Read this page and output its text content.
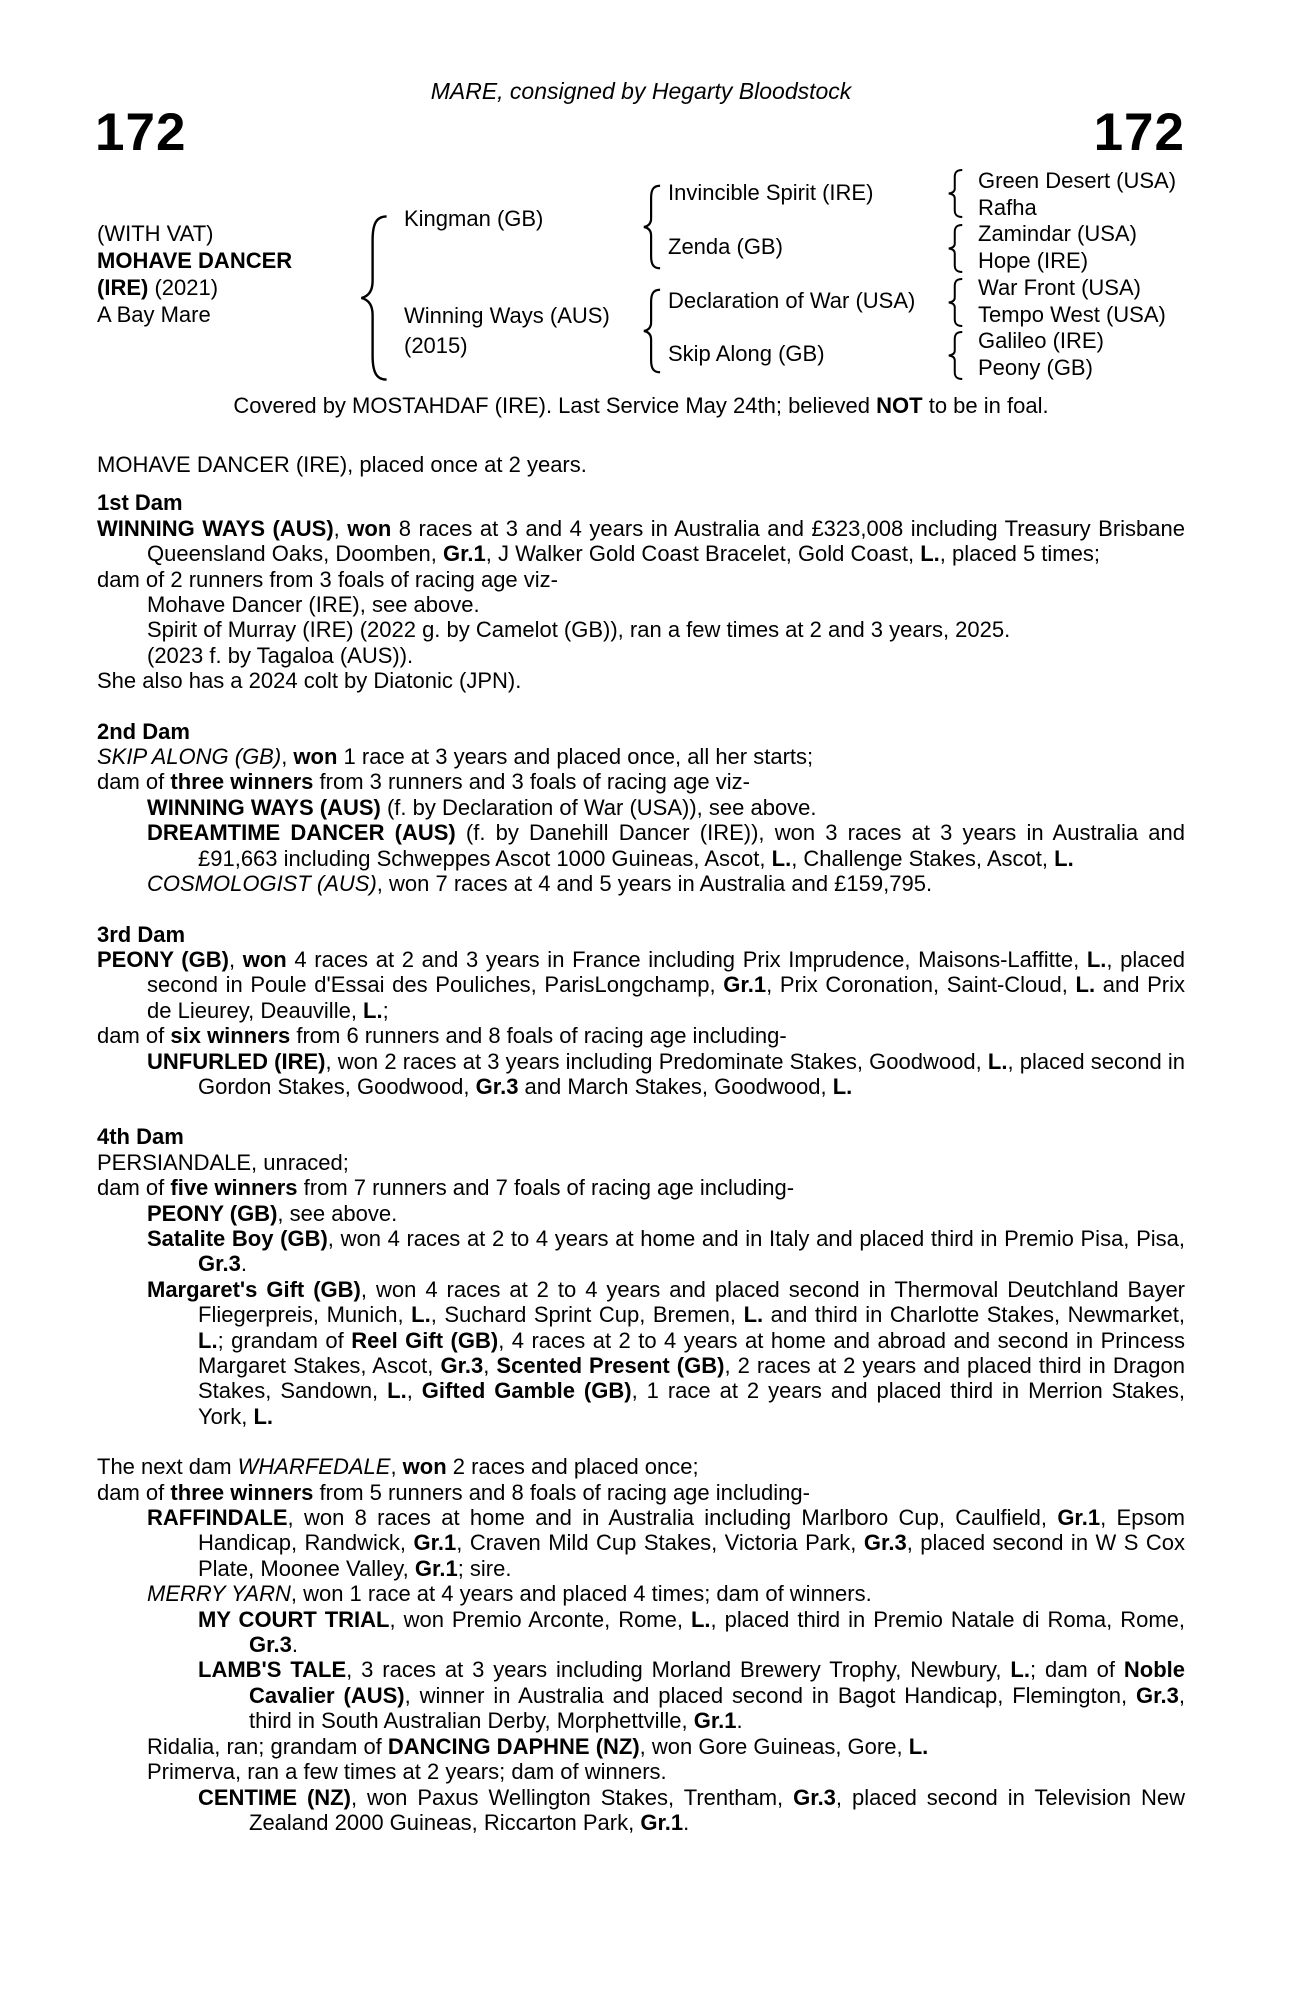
MARE, consigned by Hegarty Bloodstock
172	172
(WITH VAT)
MOHAVE DANCER
(IRE) (2021)
A Bay Mare
Kingman (GB)
Winning Ways (AUS)
(2015)
Invincible Spirit (IRE)
Zenda (GB)
Declaration of War (USA)
Skip Along (GB)
Green Desert (USA)
Rafha
Zamindar (USA)
Hope (IRE)
War Front (USA)
Tempo West (USA)
Galileo (IRE)
Peony (GB)
Covered by MOSTAHDAF (IRE). Last Service May 24th; believed NOT to be in foal.

MOHAVE DANCER (IRE), placed once at 2 years.

1st Dam

WINNING WAYS (AUS), won 8 races at 3 and 4 years in Australia and £323,008 including Treasury Brisbane Queensland Oaks, Doomben, Gr.1, J Walker Gold Coast Bracelet, Gold Coast, L., placed 5 times;

dam of 2 runners from 3 foals of racing age viz-

Mohave Dancer (IRE), see above.

Spirit of Murray (IRE) (2022 g. by Camelot (GB)), ran a few times at 2 and 3 years, 2025.

(2023 f. by Tagaloa (AUS)).

She also has a 2024 colt by Diatonic (JPN).

2nd Dam

SKIP ALONG (GB), won 1 race at 3 years and placed once, all her starts;

dam of three winners from 3 runners and 3 foals of racing age viz-

WINNING WAYS (AUS) (f. by Declaration of War (USA)), see above.

DREAMTIME DANCER (AUS) (f. by Danehill Dancer (IRE)), won 3 races at 3 years in Australia and £91,663 including Schweppes Ascot 1000 Guineas, Ascot, L., Challenge Stakes, Ascot, L.

COSMOLOGIST (AUS), won 7 races at 4 and 5 years in Australia and £159,795.

3rd Dam

PEONY (GB), won 4 races at 2 and 3 years in France including Prix Imprudence, Maisons-Laffitte, L., placed second in Poule d'Essai des Pouliches, ParisLongchamp, Gr.1, Prix Coronation, Saint-Cloud, L. and Prix de Lieurey, Deauville, L.;

dam of six winners from 6 runners and 8 foals of racing age including-

UNFURLED (IRE), won 2 races at 3 years including Predominate Stakes, Goodwood, L., placed second in Gordon Stakes, Goodwood, Gr.3 and March Stakes, Goodwood, L.

4th Dam

PERSIANDALE, unraced;

dam of five winners from 7 runners and 7 foals of racing age including-

PEONY (GB), see above.

Satalite Boy (GB), won 4 races at 2 to 4 years at home and in Italy and placed third in Premio Pisa, Pisa, Gr.3.

Margaret's Gift (GB), won 4 races at 2 to 4 years and placed second in Thermoval Deutchland Bayer Fliegerpreis, Munich, L., Suchard Sprint Cup, Bremen, L. and third in Charlotte Stakes, Newmarket, L.; grandam of Reel Gift (GB), 4 races at 2 to 4 years at home and abroad and second in Princess Margaret Stakes, Ascot, Gr.3, Scented Present (GB), 2 races at 2 years and placed third in Dragon Stakes, Sandown, L., Gifted Gamble (GB), 1 race at 2 years and placed third in Merrion Stakes, York, L.

The next dam WHARFEDALE, won 2 races and placed once;

dam of three winners from 5 runners and 8 foals of racing age including-

RAFFINDALE, won 8 races at home and in Australia including Marlboro Cup, Caulfield, Gr.1, Epsom Handicap, Randwick, Gr.1, Craven Mild Cup Stakes, Victoria Park, Gr.3, placed second in W S Cox Plate, Moonee Valley, Gr.1; sire.

MERRY YARN, won 1 race at 4 years and placed 4 times; dam of winners.

MY COURT TRIAL, won Premio Arconte, Rome, L., placed third in Premio Natale di Roma, Rome, Gr.3.

LAMB'S TALE, 3 races at 3 years including Morland Brewery Trophy, Newbury, L.; dam of Noble Cavalier (AUS), winner in Australia and placed second in Bagot Handicap, Flemington, Gr.3, third in South Australian Derby, Morphettville, Gr.1.

Ridalia, ran; grandam of DANCING DAPHNE (NZ), won Gore Guineas, Gore, L.

Primerva, ran a few times at 2 years; dam of winners.

CENTIME (NZ), won Paxus Wellington Stakes, Trentham, Gr.3, placed second in Television New Zealand 2000 Guineas, Riccarton Park, Gr.1.
